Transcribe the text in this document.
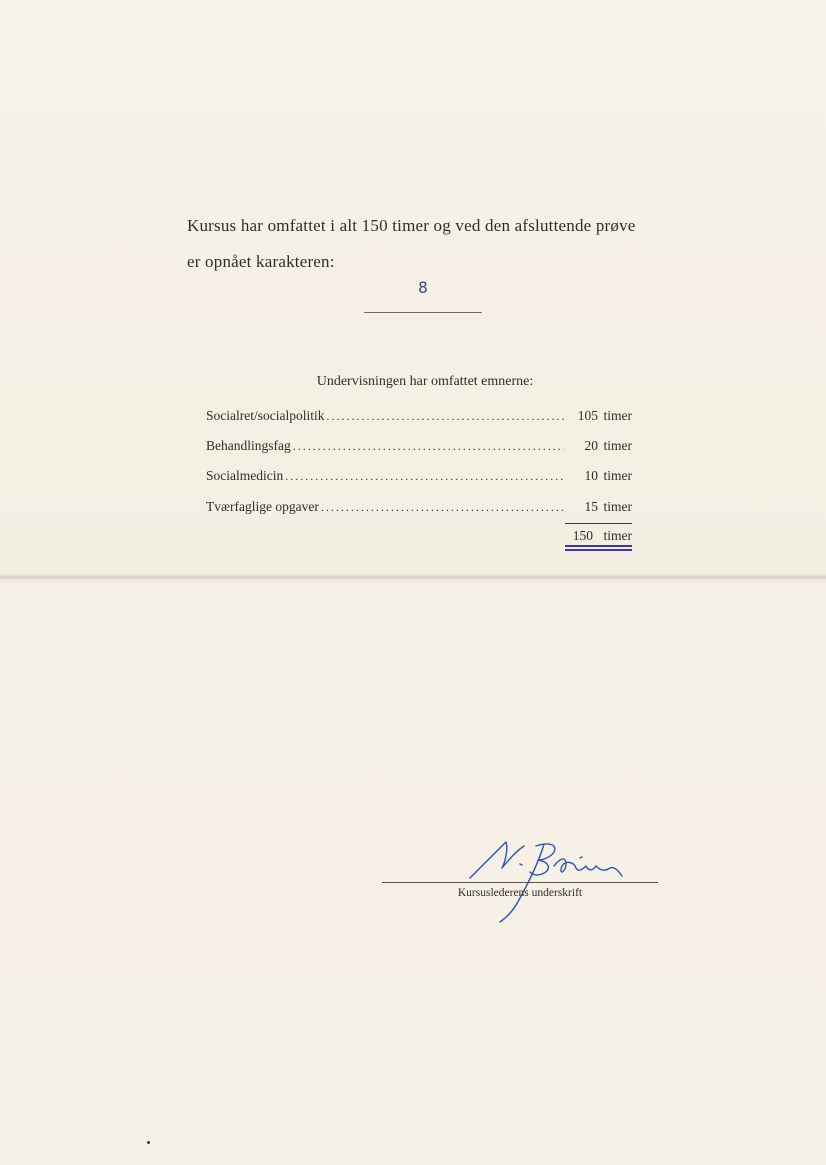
Kursus har omfattet i alt 150 timer og ved den afsluttende prøve
er opnået karakteren:
8
Undervisningen har omfattet emnerne:
Socialret/socialpolitik .....	105 timer
Behandlingsfag .....	20 timer
Socialmedicin .....	10 timer
Tværfaglige opgaver .....	15 timer
150 timer
Kursuslederens underskrift
